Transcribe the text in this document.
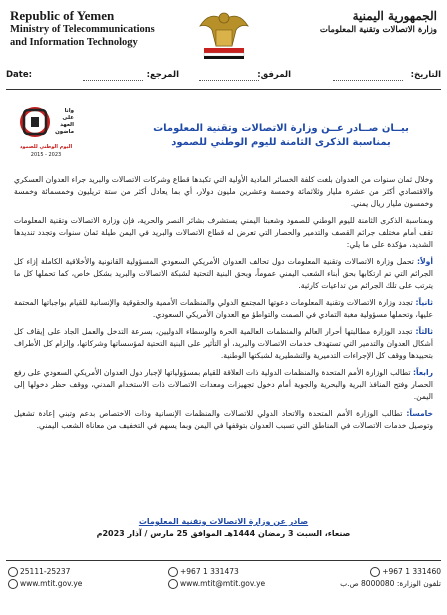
Republic of Yemen
Ministry of Telecommunications
and Information Technology
الجمهورية اليمنية
وزارة الاتصالات وتقنية المعلومات
التاريخ:

المرفق:

المرجع:

Date:
وانا
على
العهد
ماضون
اليوم الوطني للصمود
2015 - 2023
بيــان صــادر عــن وزارة الاتصالات وتقنية المعلومات
بمناسبة الذكرى الثامنة لليوم الوطني للصمود

وخلال ثمان سنوات من العدوان بلغت كلفة الخسائر المادية الأولية التي تكبدها قطاع وشركات الاتصالات والبريد جراء العدوان العسكري والاقتصادي أكثر من عشرة مليار وثلاثمائة وخمسة وعشرين مليون دولار، أي بما يعادل أكثر من ستة تريليون وخمسمائة وخمسة وخمسون مليار ريال يمني.

وبمناسبة الذكرى الثامنة لليوم الوطني للصمود وشعبنا اليمني يستشرف بشائر النصر والحرية، فإن وزارة الاتصالات وتقنية المعلومات تقف أمام مختلف جرائم القصف والتدمير والحصار التي تعرض له قطاع الاتصالات والبريد في اليمن طيلة ثمان سنوات وتجدد تنديدها الشديد، مؤكدة على ما يلي:

أولاً: تحمل وزارة الاتصالات وتقنية المعلومات دول تحالف العدوان الأمريكي السعودي المسؤولية القانونية والأخلاقية الكاملة إزاء كل الجرائم التي تم ارتكابها بحق أبناء الشعب اليمني عموماً، وبحق البنية التحتية لشبكة الاتصالات والبريد بشكل خاص، كما تحملها كل ما يترتب على تلك الجرائم من تداعيات كارثية.

ثانياً: تجدد وزارة الاتصالات وتقنية المعلومات دعوتها المجتمع الدولي والمنظمات الأممية والحقوقية والإنسانية للقيام بواجباتها المحتمة عليها، وتحملها مسؤولية مغبة التمادي في الصمت والتواطؤ مع العدوان الأمريكي السعودي.

ثالثاً: تجدد الوزارة مطالبتها أحرار العالم والمنظمات العالمية الحرة والوسطاء الدوليين، بسرعة التدخل والعمل الجاد على إيقاف كل أشكال العدوان والتدمير التي تستهدف خدمات الاتصالات والبريد، أو التأثير على البنية التحتية لمؤسساتها وشركاتها، وإلزام كل الأطراف بتحييدها ووقف كل الإجراءات التدميرية والتشطيرية لشبكتها الوطنية.

رابعاً: تطالب الوزارة الأمم المتحدة والمنظمات الدولية ذات العلاقة للقيام بمسؤولياتها لإجبار دول العدوان الأمريكي السعودي على رفع الحصار وفتح المنافذ البرية والبحرية والجوية أمام دخول تجهيزات ومعدات الاتصالات ذات الاستخدام المدني، ووقف حظر دخولها إلى اليمن.

خامساً: تطالب الوزارة الأمم المتحدة والاتحاد الدولي للاتصالات والمنظمات الإنسانية وذات الاختصاص بدعم وتبني إعادة تشغيل وتوصيل خدمات الاتصالات في المناطق التي تسبب العدوان بتوقفها في اليمن وبما يسهم في التخفيف من معاناة الشعب اليمني.

صادر عن وزارة الاتصالات وتقنية المعلومات
صنعاء، السبت 3 رمضان 1444هـ الموافق 25 مارس / آذار 2023م
25111-25237
www.mtit.gov.ye
+967 1 331473
www.mtit@mtit.gov.ye
+967 1 331460
تلفون الوزارة: 8000080 ص.ب
